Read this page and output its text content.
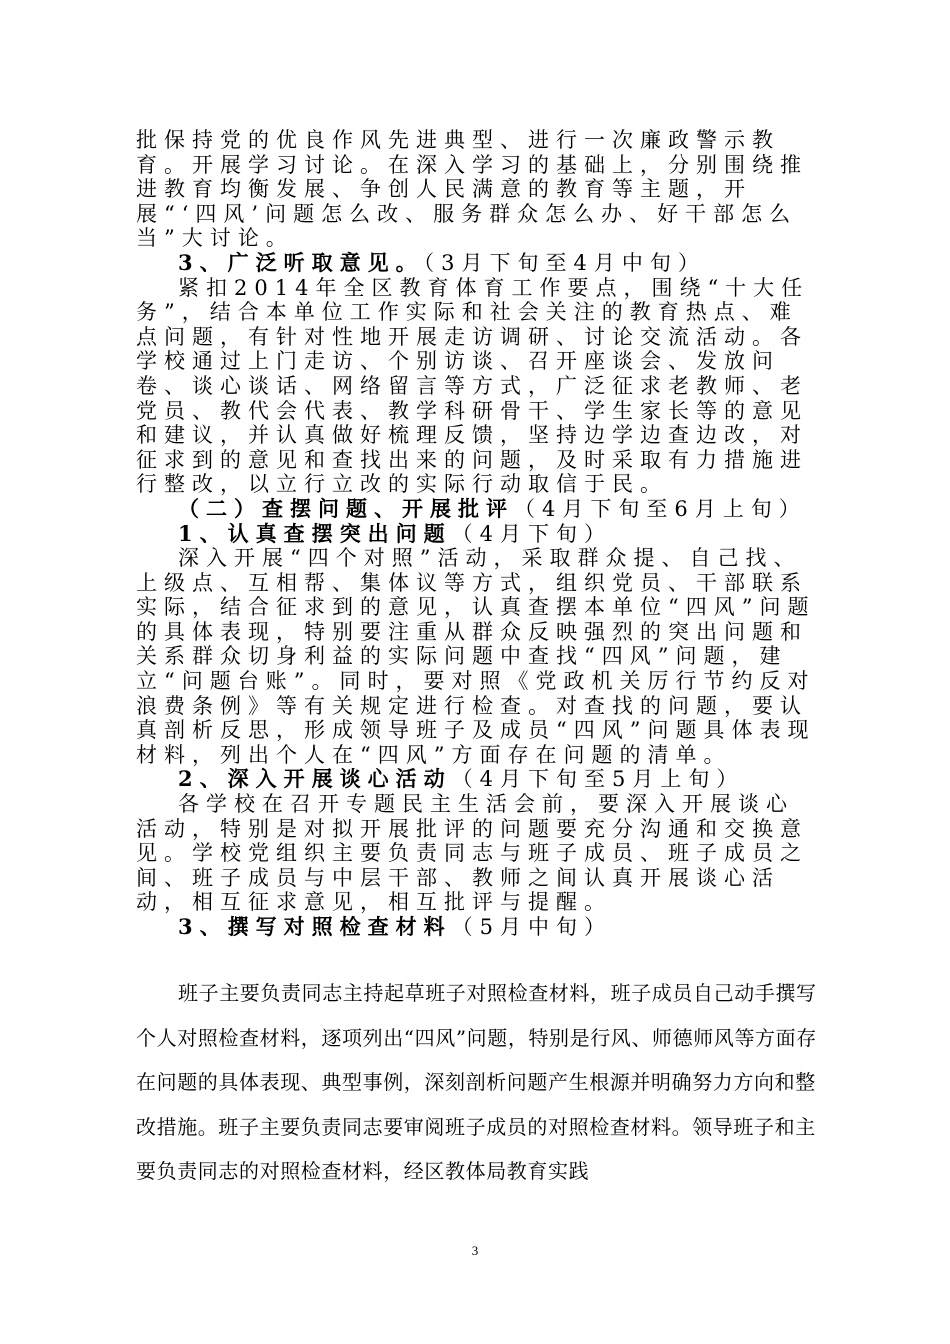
批保持党的优良作风先进典型、进行一次廉政警示教育。开展学习讨论。在深入学习的基础上，分别围绕推进教育均衡发展、争创人民满意的教育等主题，开展“‘四风’问题怎么改、服务群众怎么办、好干部怎么当”大讨论。

3、广泛听取意见。（3月下旬至4月中旬）

紧扣2014年全区教育体育工作要点，围绕“十大任务”，结合本单位工作实际和社会关注的教育热点、难点问题，有针对性地开展走访调研、讨论交流活动。各学校通过上门走访、个别访谈、召开座谈会、发放问卷、谈心谈话、网络留言等方式，广泛征求老教师、老党员、教代会代表、教学科研骨干、学生家长等的意见和建议，并认真做好梳理反馈，坚持边学边查边改，对征求到的意见和查找出来的问题，及时采取有力措施进行整改，以立行立改的实际行动取信于民。

（二）查摆问题、开展批评（4月下旬至6月上旬）

1、认真查摆突出问题（4月下旬）

深入开展“四个对照”活动，采取群众提、自己找、上级点、互相帮、集体议等方式，组织党员、干部联系实际，结合征求到的意见，认真查摆本单位“四风”问题的具体表现，特别要注重从群众反映强烈的突出问题和关系群众切身利益的实际问题中查找“四风”问题，建立“问题台账”。同时，要对照《党政机关厉行节约反对浪费条例》等有关规定进行检查。对查找的问题，要认真剖析反思，形成领导班子及成员“四风”问题具体表现材料，列出个人在“四风”方面存在问题的清单。

2、深入开展谈心活动（4月下旬至5月上旬）

各学校在召开专题民主生活会前，要深入开展谈心活动，特别是对拟开展批评的问题要充分沟通和交换意见。学校党组织主要负责同志与班子成员、班子成员之间、班子成员与中层干部、教师之间认真开展谈心活动，相互征求意见，相互批评与提醒。

3、撰写对照检查材料（5月中旬）

班子主要负责同志主持起草班子对照检查材料，班子成员自己动手撰写个人对照检查材料，逐项列出“四风”问题，特别是行风、师德师风等方面存在问题的具体表现、典型事例，深刻剖析问题产生根源并明确努力方向和整改措施。班子主要负责同志要审阅班子成员的对照检查材料。领导班子和主要负责同志的对照检查材料，经区教体局教育实践

3
